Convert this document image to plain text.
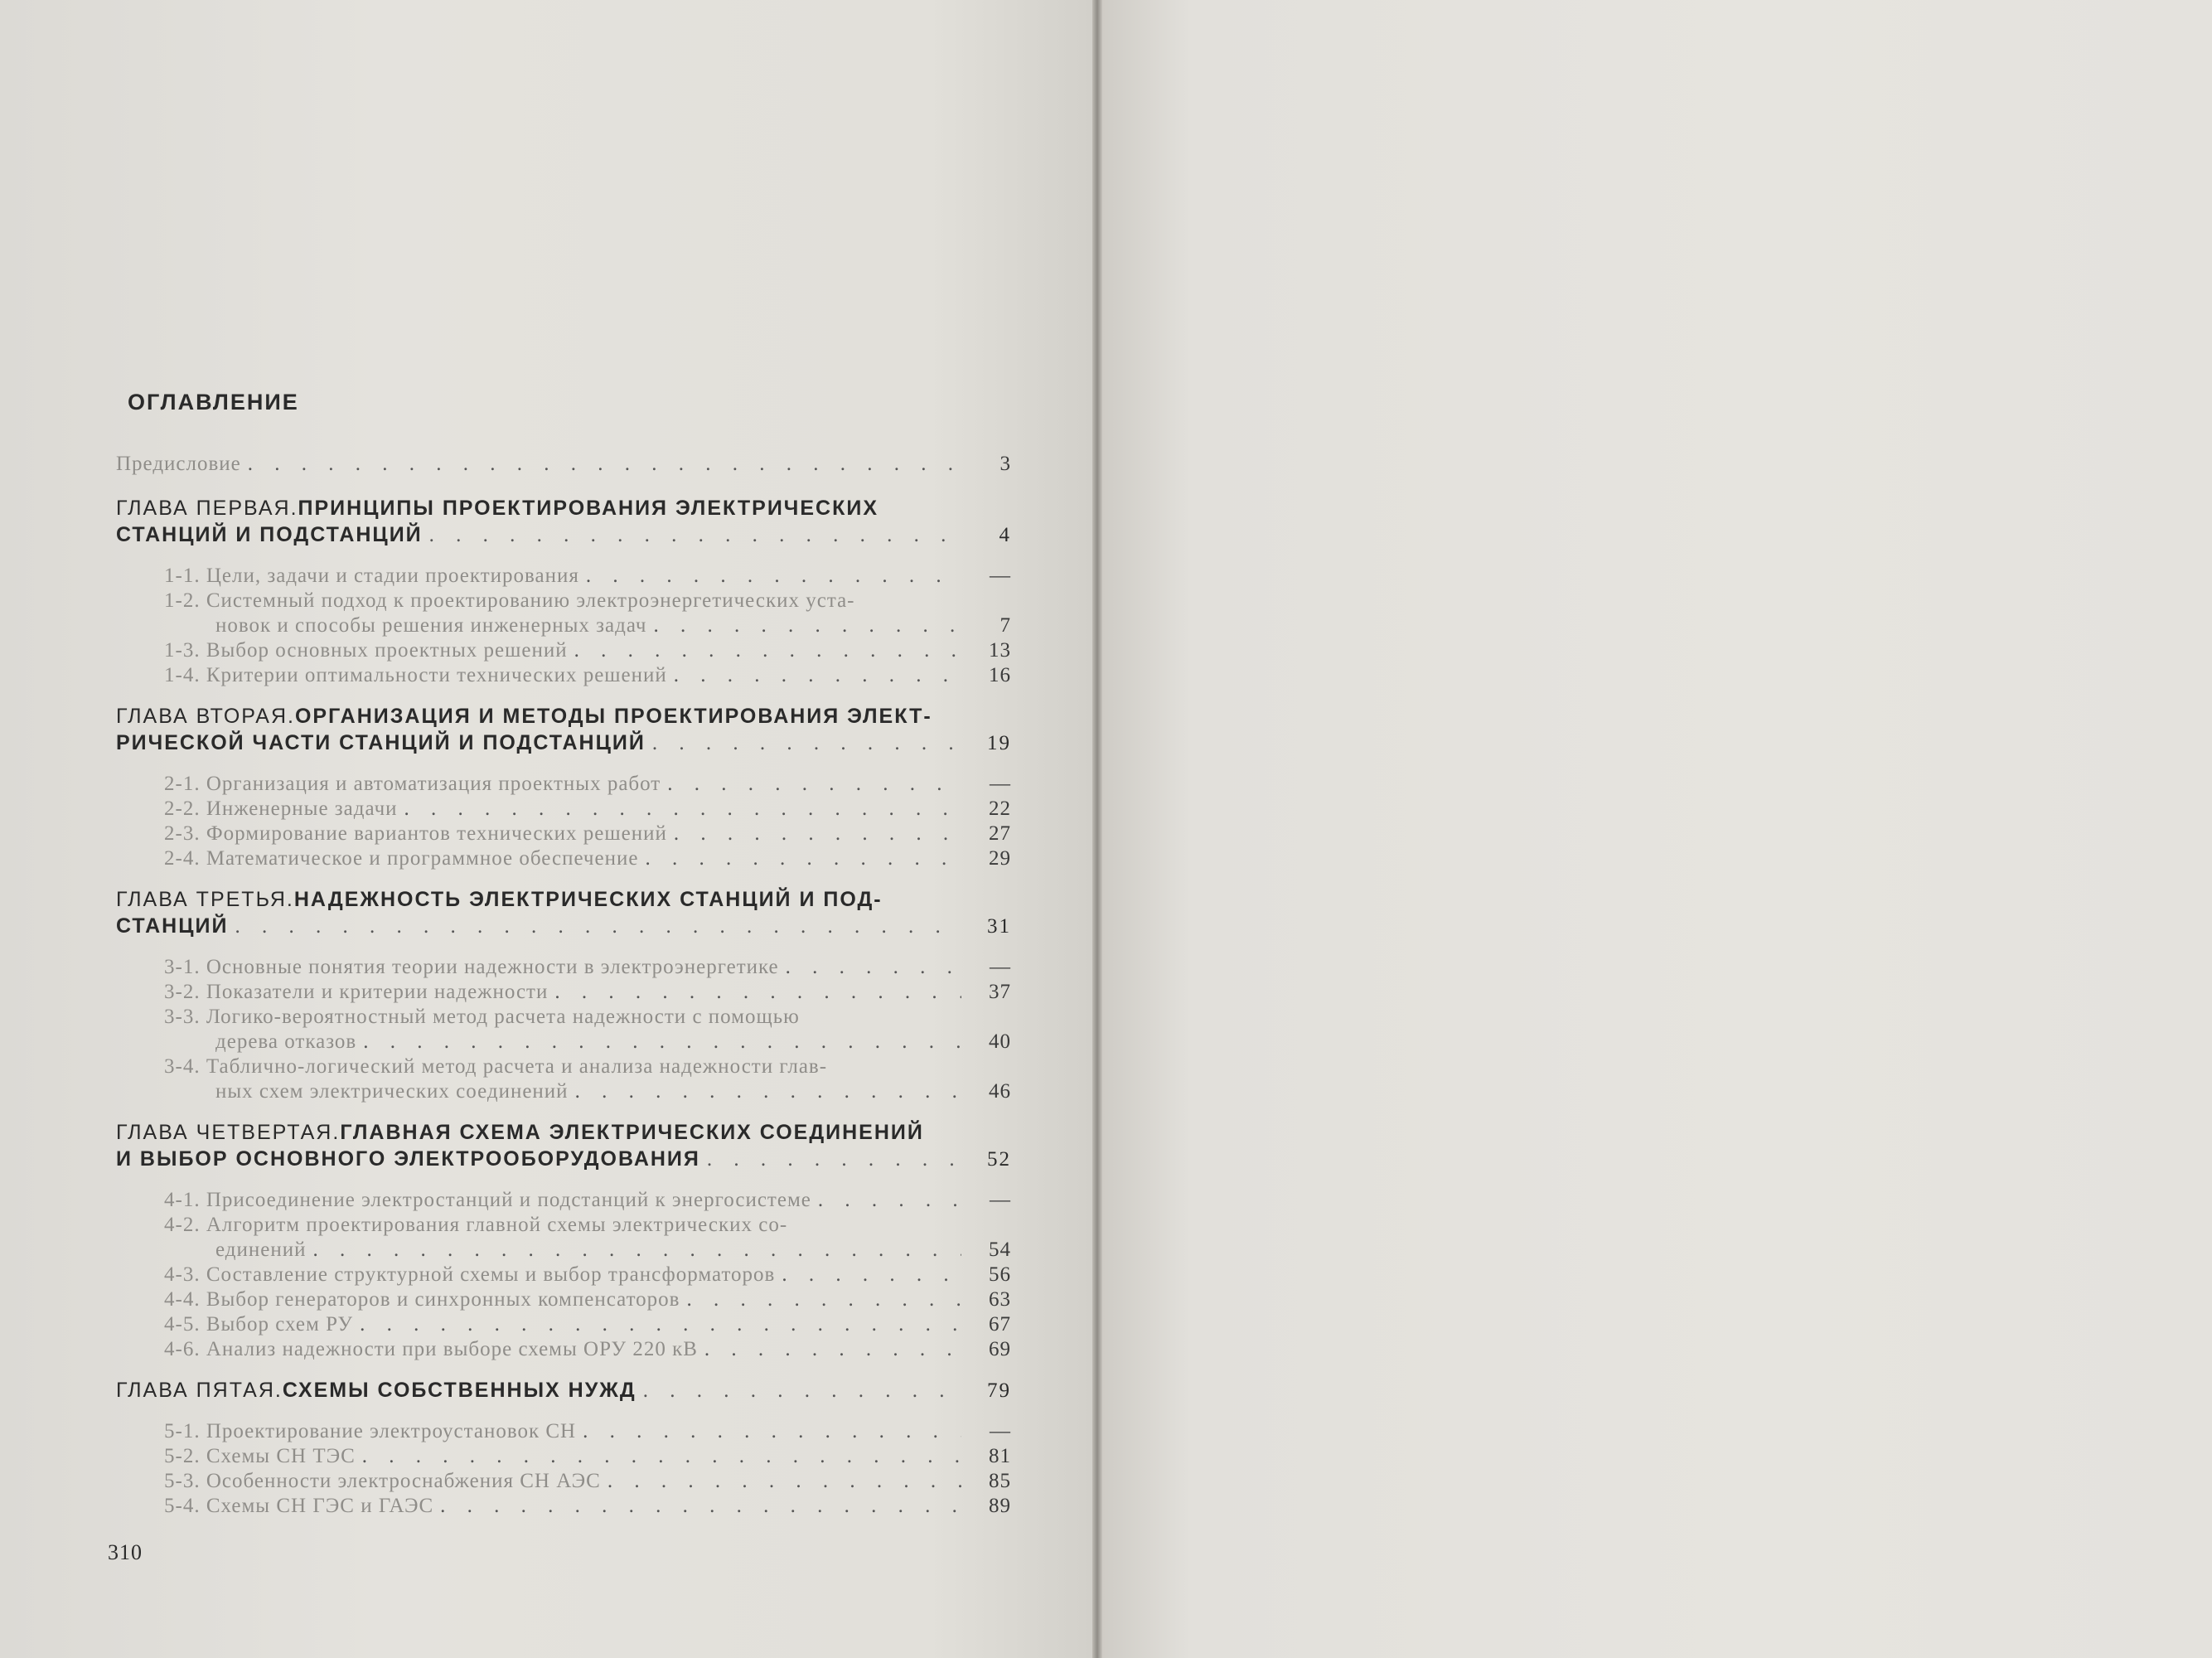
ОГЛАВЛЕНИЕ
Предисловие . . .	3
ГЛАВА ПЕРВАЯ. ПРИНЦИПЫ ПРОЕКТИРОВАНИЯ ЭЛЕКТРИЧЕСКИХ
СТАНЦИЙ И ПОДСТАНЦИЙ . . .	4
1-1. Цели, задачи и стадии проектирования . . .	—
1-2. Системный подход к проектированию электроэнергетических уста-
новок и способы решения инженерных задач . . .	7
1-3. Выбор основных проектных решений . . .	13
1-4. Критерии оптимальности технических решений . . .	16
ГЛАВА ВТОРАЯ. ОРГАНИЗАЦИЯ И МЕТОДЫ ПРОЕКТИРОВАНИЯ ЭЛЕКТ-
РИЧЕСКОЙ ЧАСТИ СТАНЦИЙ И ПОДСТАНЦИЙ . . .	19
2-1. Организация и автоматизация проектных работ . . .	—
2-2. Инженерные задачи . . .	22
2-3. Формирование вариантов технических решений . . .	27
2-4. Математическое и программное обеспечение . . .	29
ГЛАВА ТРЕТЬЯ. НАДЕЖНОСТЬ ЭЛЕКТРИЧЕСКИХ СТАНЦИЙ И ПОД-
СТАНЦИЙ . . .	31
3-1. Основные понятия теории надежности в электроэнергетике . . .	—
3-2. Показатели и критерии надежности . . .	37
3-3. Логико-вероятностный метод расчета надежности с помощью
дерева отказов . . .	40
3-4. Таблично-логический метод расчета и анализа надежности глав-
ных схем электрических соединений . . .	46
ГЛАВА ЧЕТВЕРТАЯ. ГЛАВНАЯ СХЕМА ЭЛЕКТРИЧЕСКИХ СОЕДИНЕНИЙ
И ВЫБОР ОСНОВНОГО ЭЛЕКТРООБОРУДОВАНИЯ . . .	52
4-1. Присоединение электростанций и подстанций к энергосистеме . . .	—
4-2. Алгоритм проектирования главной схемы электрических со-
единений . . .	54
4-3. Составление структурной схемы и выбор трансформаторов . . .	56
4-4. Выбор генераторов и синхронных компенсаторов . . .	63
4-5. Выбор схем РУ . . .	67
4-6. Анализ надежности при выборе схемы ОРУ 220 кВ . . .	69
ГЛАВА ПЯТАЯ. СХЕМЫ СОБСТВЕННЫХ НУЖД . . .	79
5-1. Проектирование электроустановок СН . . .	—
5-2. Схемы СН ТЭС . . .	81
5-3. Особенности электроснабжения СН АЭС . . .	85
5-4. Схемы СН ГЭС и ГАЭС . . .	89
310
